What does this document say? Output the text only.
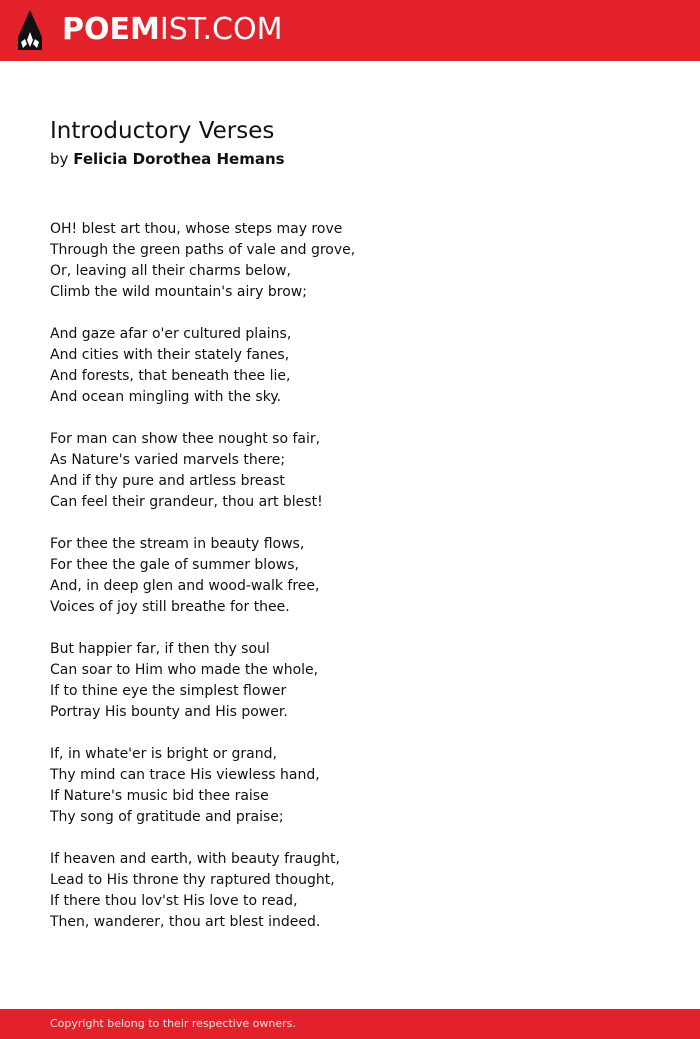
POEMIST.COM
Introductory Verses
by Felicia Dorothea Hemans
OH! blest art thou, whose steps may rove
Through the green paths of vale and grove,
Or, leaving all their charms below,
Climb the wild mountain's airy brow;
And gaze afar o'er cultured plains,
And cities with their stately fanes,
And forests, that beneath thee lie,
And ocean mingling with the sky.
For man can show thee nought so fair,
As Nature's varied marvels there;
And if thy pure and artless breast
Can feel their grandeur, thou art blest!
For thee the stream in beauty flows,
For thee the gale of summer blows,
And, in deep glen and wood-walk free,
Voices of joy still breathe for thee.
But happier far, if then thy soul
Can soar to Him who made the whole,
If to thine eye the simplest flower
Portray His bounty and His power.
If, in whate'er is bright or grand,
Thy mind can trace His viewless hand,
If Nature's music bid thee raise
Thy song of gratitude and praise;
If heaven and earth, with beauty fraught,
Lead to His throne thy raptured thought,
If there thou lov'st His love to read,
Then, wanderer, thou art blest indeed.
Copyright belong to their respective owners.
